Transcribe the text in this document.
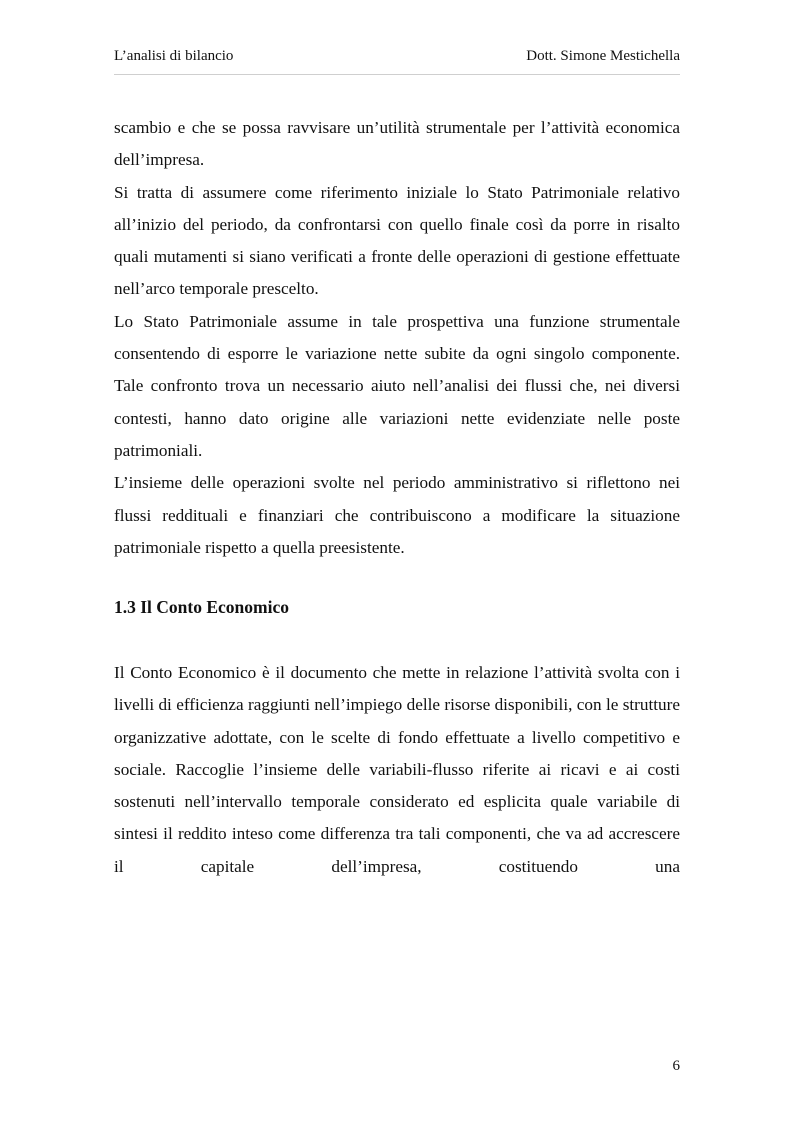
L’analisi di bilancio	Dott. Simone Mestichella

scambio e che se possa ravvisare un’utilità strumentale per l’attività economica dell’impresa.

Si tratta di assumere come riferimento iniziale lo Stato Patrimoniale relativo all’inizio del periodo, da confrontarsi con quello finale così da porre in risalto quali mutamenti si siano verificati a fronte delle operazioni di gestione effettuate nell’arco temporale prescelto.

Lo Stato Patrimoniale assume in tale prospettiva una funzione strumentale consentendo di esporre le variazione nette subite da ogni singolo componente. Tale confronto trova un necessario aiuto nell’analisi dei flussi che, nei diversi contesti, hanno dato origine alle variazioni nette evidenziate nelle poste patrimoniali.

L’insieme delle operazioni svolte nel periodo amministrativo si riflettono nei flussi reddituali e finanziari che contribuiscono a modificare la situazione patrimoniale rispetto a quella preesistente.

1.3 Il Conto Economico

Il Conto Economico è il documento che mette in relazione l’attività svolta con i livelli di efficienza raggiunti nell’impiego delle risorse disponibili, con le strutture organizzative adottate, con le scelte di fondo effettuate a livello competitivo e sociale. Raccoglie l’insieme delle variabili-flusso riferite ai ricavi e ai costi sostenuti nell’intervallo temporale considerato ed esplicita quale variabile di sintesi il reddito inteso come differenza tra tali componenti, che va ad accrescere il capitale dell’impresa, costituendo una

6
